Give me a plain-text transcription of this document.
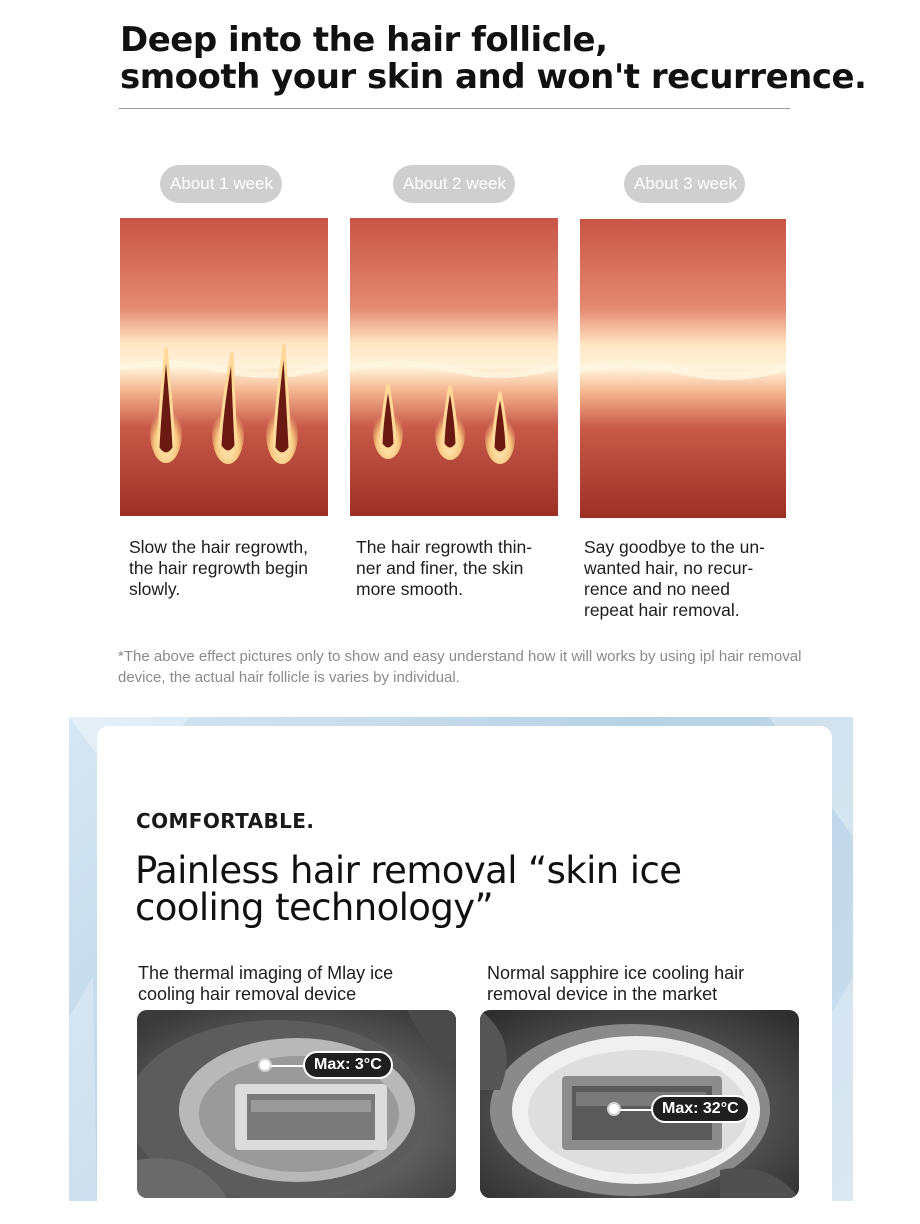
Deep into the hair follicle,
smooth your skin and won't recurrence.
About 1 week
Slow the hair regrowth, the hair regrowth begin slowly.
About 2 week
The hair regrowth thin-ner and finer, the skin more smooth.
About 3 week
Say goodbye to the un-wanted hair, no recur-rence and no need repeat hair removal.
*The above effect pictures only to show and easy understand how it will works by using ipl hair removal device, the actual hair follicle is varies by individual.
COMFORTABLE.
Painless hair removal “skin ice
cooling technology”
The thermal imaging of Mlay ice cooling hair removal device
Normal sapphire ice cooling hair removal device in the market
Max: 3°C
Max: 32°C
